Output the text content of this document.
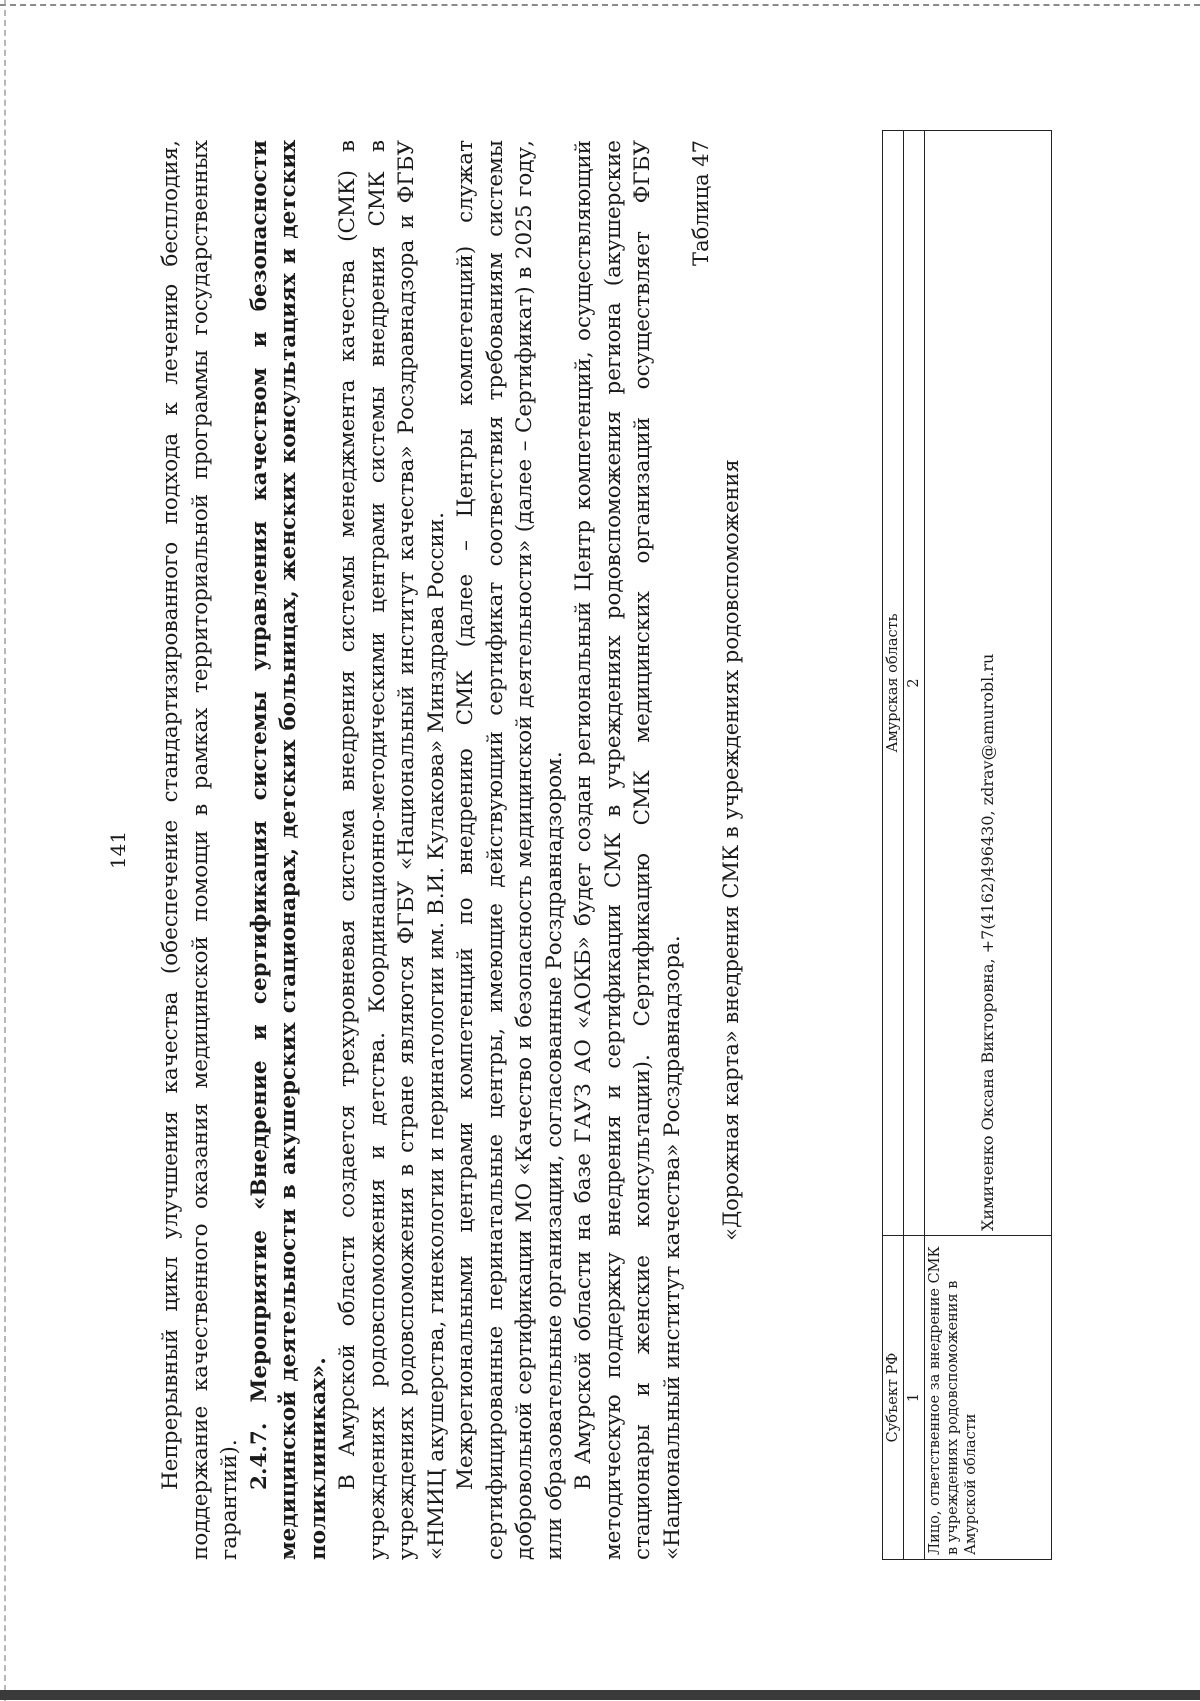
141 Непрерывный цикл улучшения качества (обеспечение стандартизированного подхода к лечению бесплодия, поддержание качественного оказания медицинской помощи в рамках территориальной программы государственных гарантий).

2.4.7. Мероприятие «Внедрение и сертификация системы управления качеством и безопасности медицинской деятельности в акушерских стационарах, детских больницах, женских консультациях и детских поликлиниках». В Амурской области создается трехуровневая система внедрения системы менеджмента качества (СМК) в учреждениях родовспоможения и детства. Координационно-методическими центрами системы внедрения СМК в учреждениях родовспоможения в стране являются ФГБУ «Национальный институт качества» Росздравнадзора и ФГБУ «НМИЦ акушерства, гинекологии и перинатологии им. В.И. Кулакова» Минздрава России. Межрегиональными центрами компетенций по внедрению СМК (далее – Центры компетенций) служат сертифицированные перинатальные центры, имеющие действующий сертификат соответствия требованиям системы добровольной сертификации МО «Качество и безопасность медицинской деятельности» (далее – Сертификат) в 2025 году, или образовательные организации, согласованные Росздравнадзором. В Амурской области на базе ГАУЗ АО «АОКБ» будет создан региональный Центр компетенций, осуществляющий методическую поддержку внедрения и сертификации СМК в учреждениях родовспоможения региона (акушерские стационары и женские консультации). Сертификацию СМК медицинских организаций осуществляет ФГБУ «Национальный институт качества» Росздравнадзора.

Таблица 47

«Дорожная карта» внедрения СМК в учреждениях родовспоможения

Субъект РФ	Амурская область
1	2
Лицо, ответственное за внедрение СМК в учреждениях родовспоможения в Амурской области	Химиченко Оксана Викторовна, +7(4162)496430, zdrav@amurobl.ru
